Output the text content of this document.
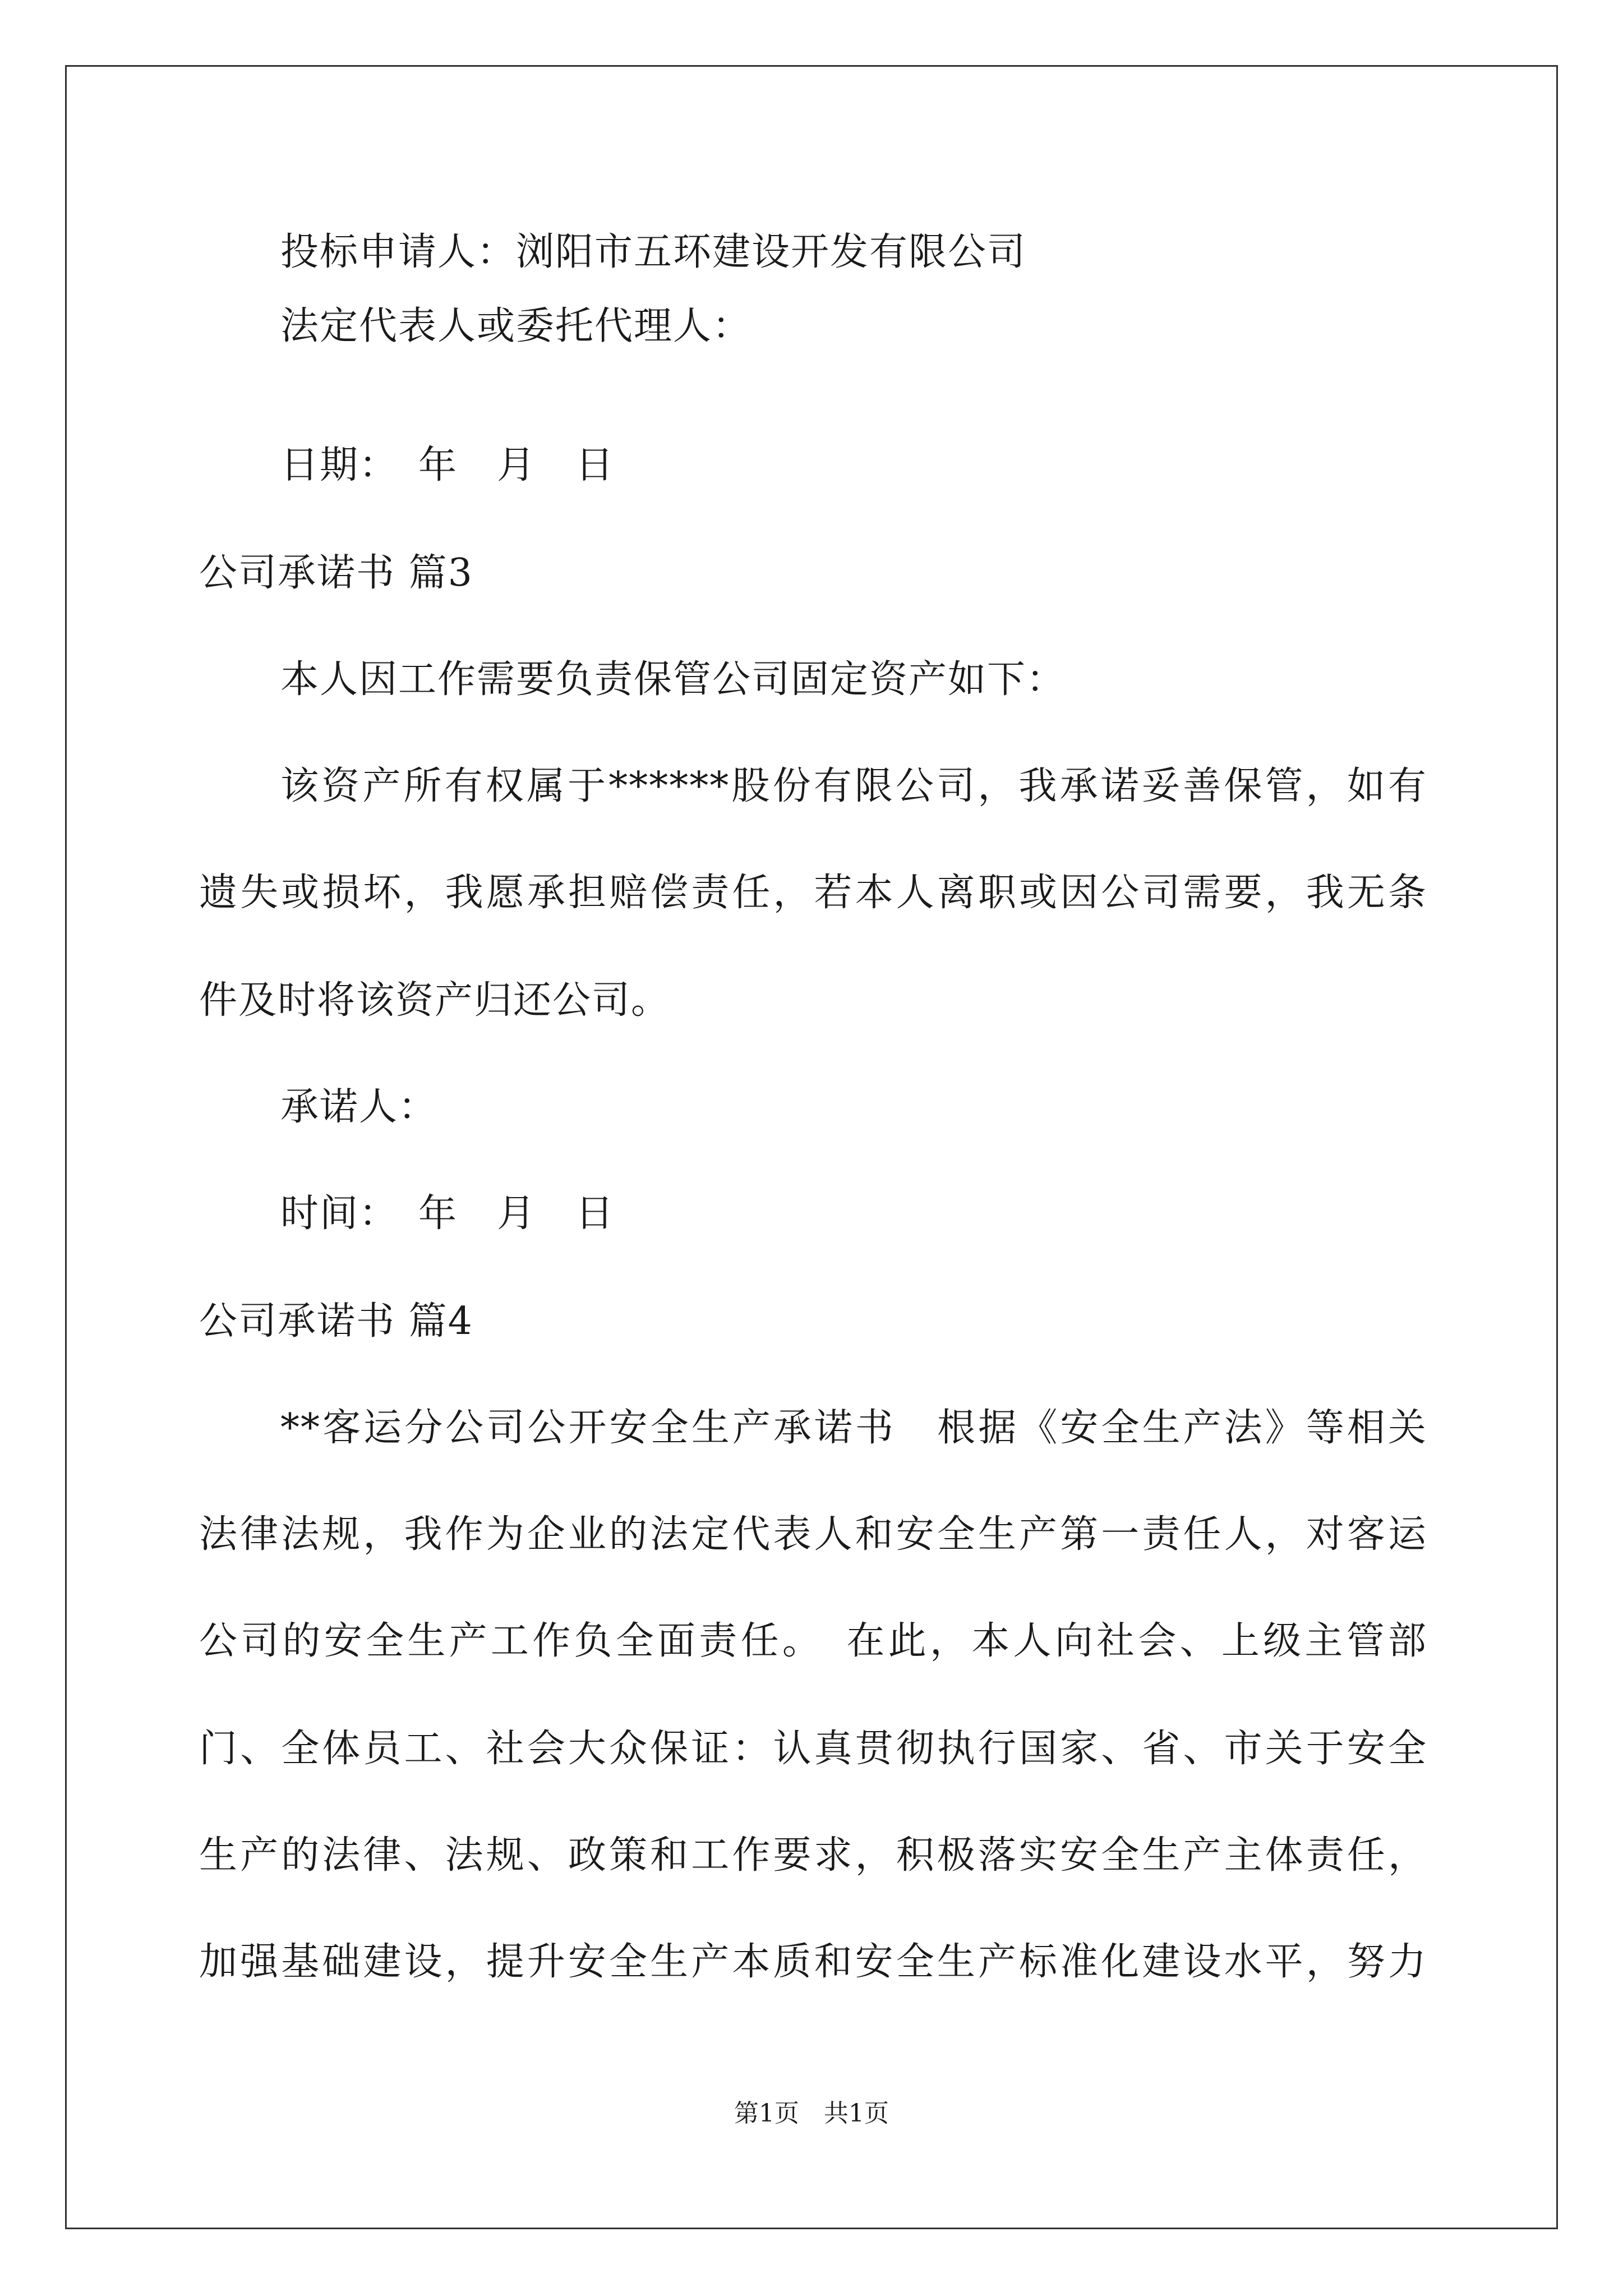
投标申请人：浏阳市五环建设开发有限公司
法定代表人或委托代理人：
日期：　年　月　日
公司承诺书 篇3
本人因工作需要负责保管公司固定资产如下：
该资产所有权属于******股份有限公司，我承诺妥善保管，如有
遗失或损坏，我愿承担赔偿责任，若本人离职或因公司需要，我无条
件及时将该资产归还公司。
承诺人：
时间：　年　月　日
公司承诺书 篇4
**客运分公司公开安全生产承诺书　根据《安全生产法》等相关
法律法规，我作为企业的法定代表人和安全生产第一责任人，对客运
公司的安全生产工作负全面责任。　在此，本人向社会、上级主管部
门、全体员工、社会大众保证：认真贯彻执行国家、省、市关于安全
生产的法律、法规、政策和工作要求，积极落实安全生产主体责任，
加强基础建设，提升安全生产本质和安全生产标准化建设水平，努力
第1页　共1页
